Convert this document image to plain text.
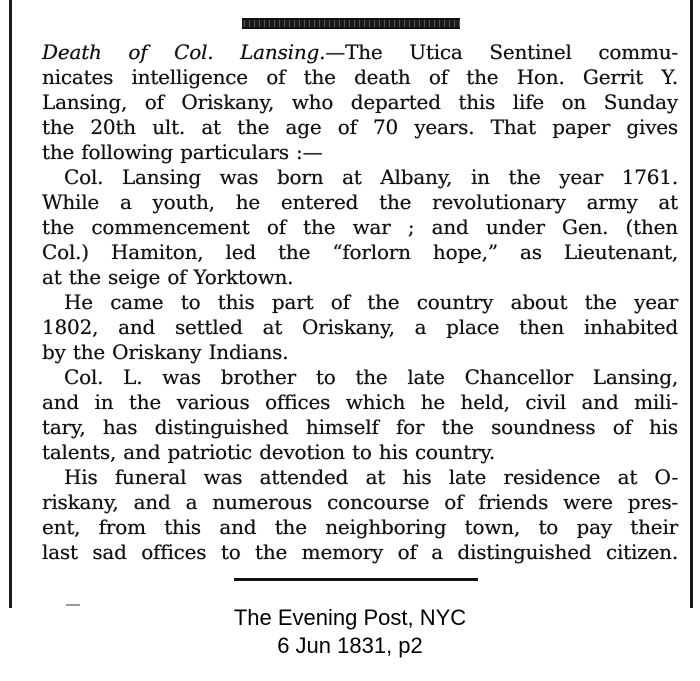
Death of Col. Lansing.—The Utica Sentinel commu-
nicates intelligence of the death of the Hon. Gerrit Y.
Lansing, of Oriskany, who departed this life on Sunday
the 20th ult. at the age of 70 years. That paper gives
the following particulars :—
Col. Lansing was born at Albany, in the year 1761.
While a youth, he entered the revolutionary army at
the commencement of the war ; and under Gen. (then
Col.) Hamiton, led the “forlorn hope,” as Lieutenant,
at the seige of Yorktown.
He came to this part of the country about the year
1802, and settled at Oriskany, a place then inhabited
by the Oriskany Indians.
Col. L. was brother to the late Chancellor Lansing,
and in the various offices which he held, civil and mili-
tary, has distinguished himself for the soundness of his
talents, and patriotic devotion to his country.
His funeral was attended at his late residence at O-
riskany, and a numerous concourse of friends were pres-
ent, from this and the neighboring town, to pay their
last sad offices to the memory of a distinguished citizen.
The Evening Post, NYC
6 Jun 1831, p2
